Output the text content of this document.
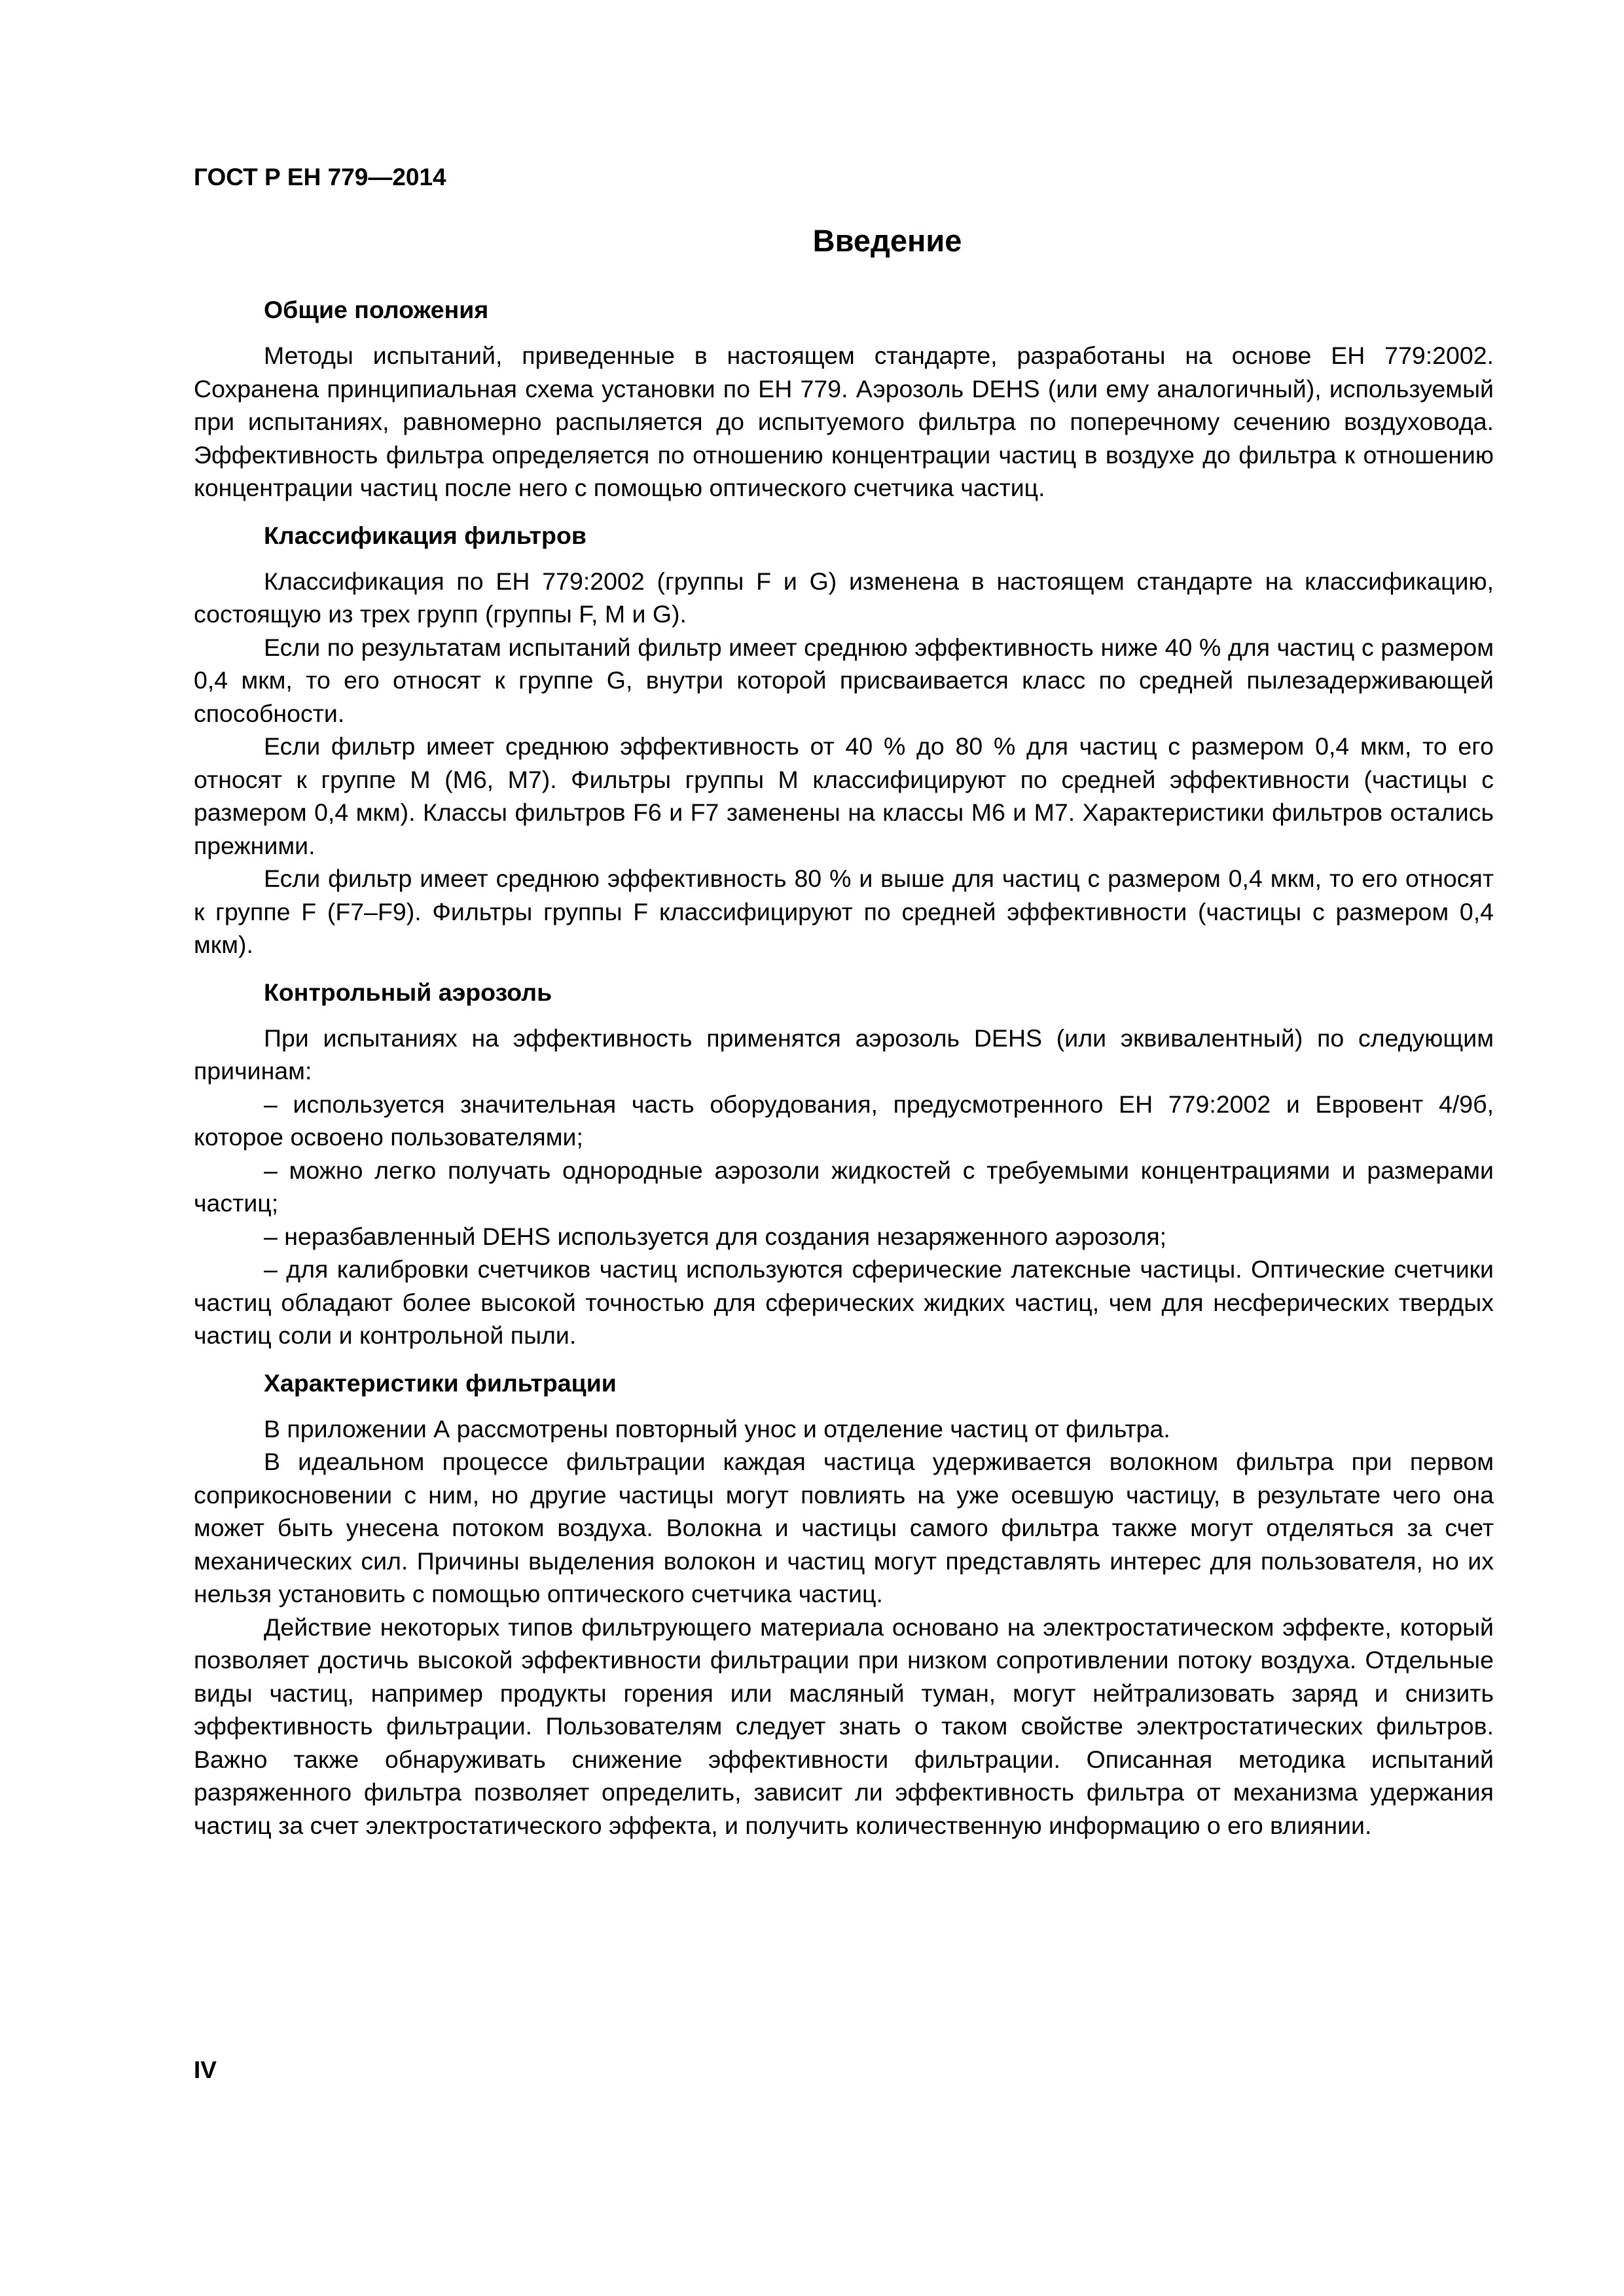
ГОСТ Р ЕН 779—2014
Введение
Общие положения

Методы испытаний, приведенные в настоящем стандарте, разработаны на основе ЕН 779:2002. Сохранена принципиальная схема установки по ЕН 779. Аэрозоль DEHS (или ему аналогичный), используемый при испытаниях, равномерно распыляется до испытуемого фильтра по поперечному сечению воздуховода. Эффективность фильтра определяется по отношению концентрации частиц в воздухе до фильтра к отношению концентрации частиц после него с помощью оптического счетчика частиц.

Классификация фильтров

Классификация по ЕН 779:2002 (группы F и G) изменена в настоящем стандарте на классификацию, состоящую из трех групп (группы F, M и G).

Если по результатам испытаний фильтр имеет среднюю эффективность ниже 40 % для частиц с размером 0,4 мкм, то его относят к группе G, внутри которой присваивается класс по средней пылезадерживающей способности.

Если фильтр имеет среднюю эффективность от 40 % до 80 % для частиц с размером 0,4 мкм, то его относят к группе M (M6, M7). Фильтры группы M классифицируют по средней эффективности (частицы с размером 0,4 мкм). Классы фильтров F6 и F7 заменены на классы M6 и M7. Характеристики фильтров остались прежними.

Если фильтр имеет среднюю эффективность 80 % и выше для частиц с размером 0,4 мкм, то его относят к группе F (F7–F9). Фильтры группы F классифицируют по средней эффективности (частицы с размером 0,4 мкм).

Контрольный аэрозоль

При испытаниях на эффективность применятся аэрозоль DEHS (или эквивалентный) по следующим причинам:

– используется значительная часть оборудования, предусмотренного ЕН 779:2002 и Евровент 4/9б, которое освоено пользователями;

– можно легко получать однородные аэрозоли жидкостей с требуемыми концентрациями и размерами частиц;

– неразбавленный DEHS используется для создания незаряженного аэрозоля;

– для калибровки счетчиков частиц используются сферические латексные частицы. Оптические счетчики частиц обладают более высокой точностью для сферических жидких частиц, чем для несферических твердых частиц соли и контрольной пыли.

Характеристики фильтрации

В приложении А рассмотрены повторный унос и отделение частиц от фильтра.

В идеальном процессе фильтрации каждая частица удерживается волокном фильтра при первом соприкосновении с ним, но другие частицы могут повлиять на уже осевшую частицу, в результате чего она может быть унесена потоком воздуха. Волокна и частицы самого фильтра также могут отделяться за счет механических сил. Причины выделения волокон и частиц могут представлять интерес для пользователя, но их нельзя установить с помощью оптического счетчика частиц.

Действие некоторых типов фильтрующего материала основано на электростатическом эффекте, который позволяет достичь высокой эффективности фильтрации при низком сопротивлении потоку воздуха. Отдельные виды частиц, например продукты горения или масляный туман, могут нейтрализовать заряд и снизить эффективность фильтрации. Пользователям следует знать о таком свойстве электростатических фильтров. Важно также обнаруживать снижение эффективности фильтрации. Описанная методика испытаний разряженного фильтра позволяет определить, зависит ли эффективность фильтра от механизма удержания частиц за счет электростатического эффекта, и получить количественную информацию о его влиянии.

IV
